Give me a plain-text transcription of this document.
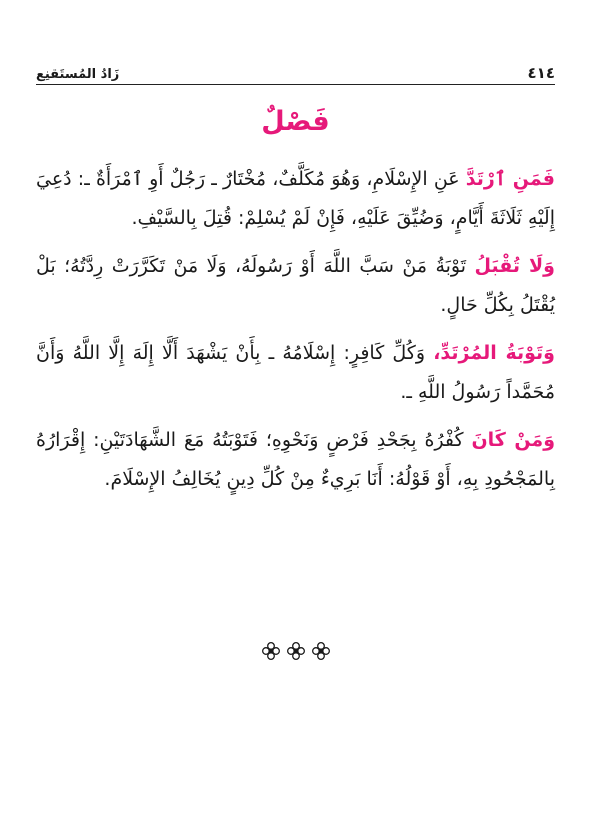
٤١٤
زَادُ المُستَقنِع
فَصْلٌ

فَمَنِ ٱرْتَدَّ عَنِ الإِسْلَامِ، وَهُوَ مُكَلَّفٌ، مُخْتَارٌ ـ رَجُلٌ أَوِ ٱمْرَأَةٌ ـ: دُعِيَ إِلَيْهِ ثَلَاثَةَ أَيَّامٍ، وَضُيِّقَ عَلَيْهِ، فَإِنْ لَمْ يُسْلِمْ: قُتِلَ بِالسَّيْفِ.

وَلَا تُقْبَلُ تَوْبَةُ مَنْ سَبَّ اللَّهَ أَوْ رَسُولَهُ، وَلَا مَنْ تَكَرَّرَتْ رِدَّتُهُ؛ بَلْ يُقْتَلُ بِكُلِّ حَالٍ.

وَتَوْبَةُ المُرْتَدِّ، وَكُلِّ كَافِرٍ: إِسْلَامُهُ ـ بِأَنْ يَشْهَدَ أَلَّا إِلَهَ إِلَّا اللَّهُ وَأَنَّ مُحَمَّداً رَسُولُ اللَّهِ ـ.

وَمَنْ كَانَ كُفْرُهُ بِجَحْدِ فَرْضٍ وَنَحْوِهِ؛ فَتَوْبَتُهُ مَعَ الشَّهَادَتَيْنِ: إِقْرَارُهُ بِالمَجْحُودِ بِهِ، أَوْ قَوْلُهُ: أَنَا بَرِيءٌ مِنْ كُلِّ دِينٍ يُخَالِفُ الإِسْلَامَ.
